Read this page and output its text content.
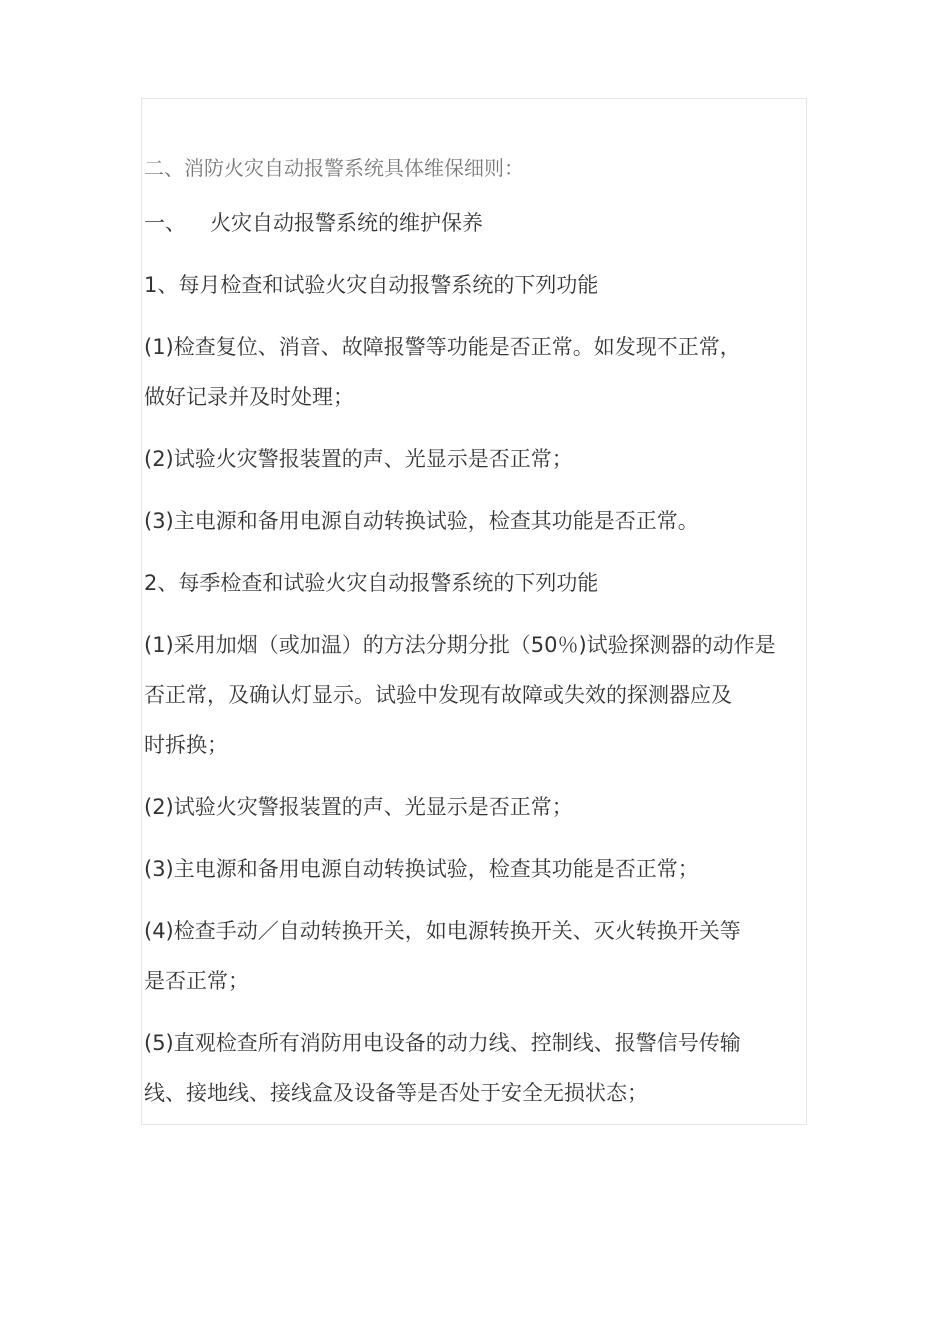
二、消防火灾自动报警系统具体维保细则：

一、 火灾自动报警系统的维护保养

1、每月检查和试验火灾自动报警系统的下列功能

(1)检查复位、消音、故障报警等功能是否正常。如发现不正常，

做好记录并及时处理；

(2)试验火灾警报装置的声、光显示是否正常；

(3)主电源和备用电源自动转换试验，检查其功能是否正常。

2、每季检查和试验火灾自动报警系统的下列功能

(1)采用加烟（或加温）的方法分期分批（50％)试验探测器的动作是

否正常，及确认灯显示。试验中发现有故障或失效的探测器应及

时拆换；

(2)试验火灾警报装置的声、光显示是否正常；

(3)主电源和备用电源自动转换试验，检查其功能是否正常；

(4)检查手动／自动转换开关，如电源转换开关、灭火转换开关等

是否正常；

(5)直观检查所有消防用电设备的动力线、控制线、报警信号传输

线、接地线、接线盒及设备等是否处于安全无损状态；
